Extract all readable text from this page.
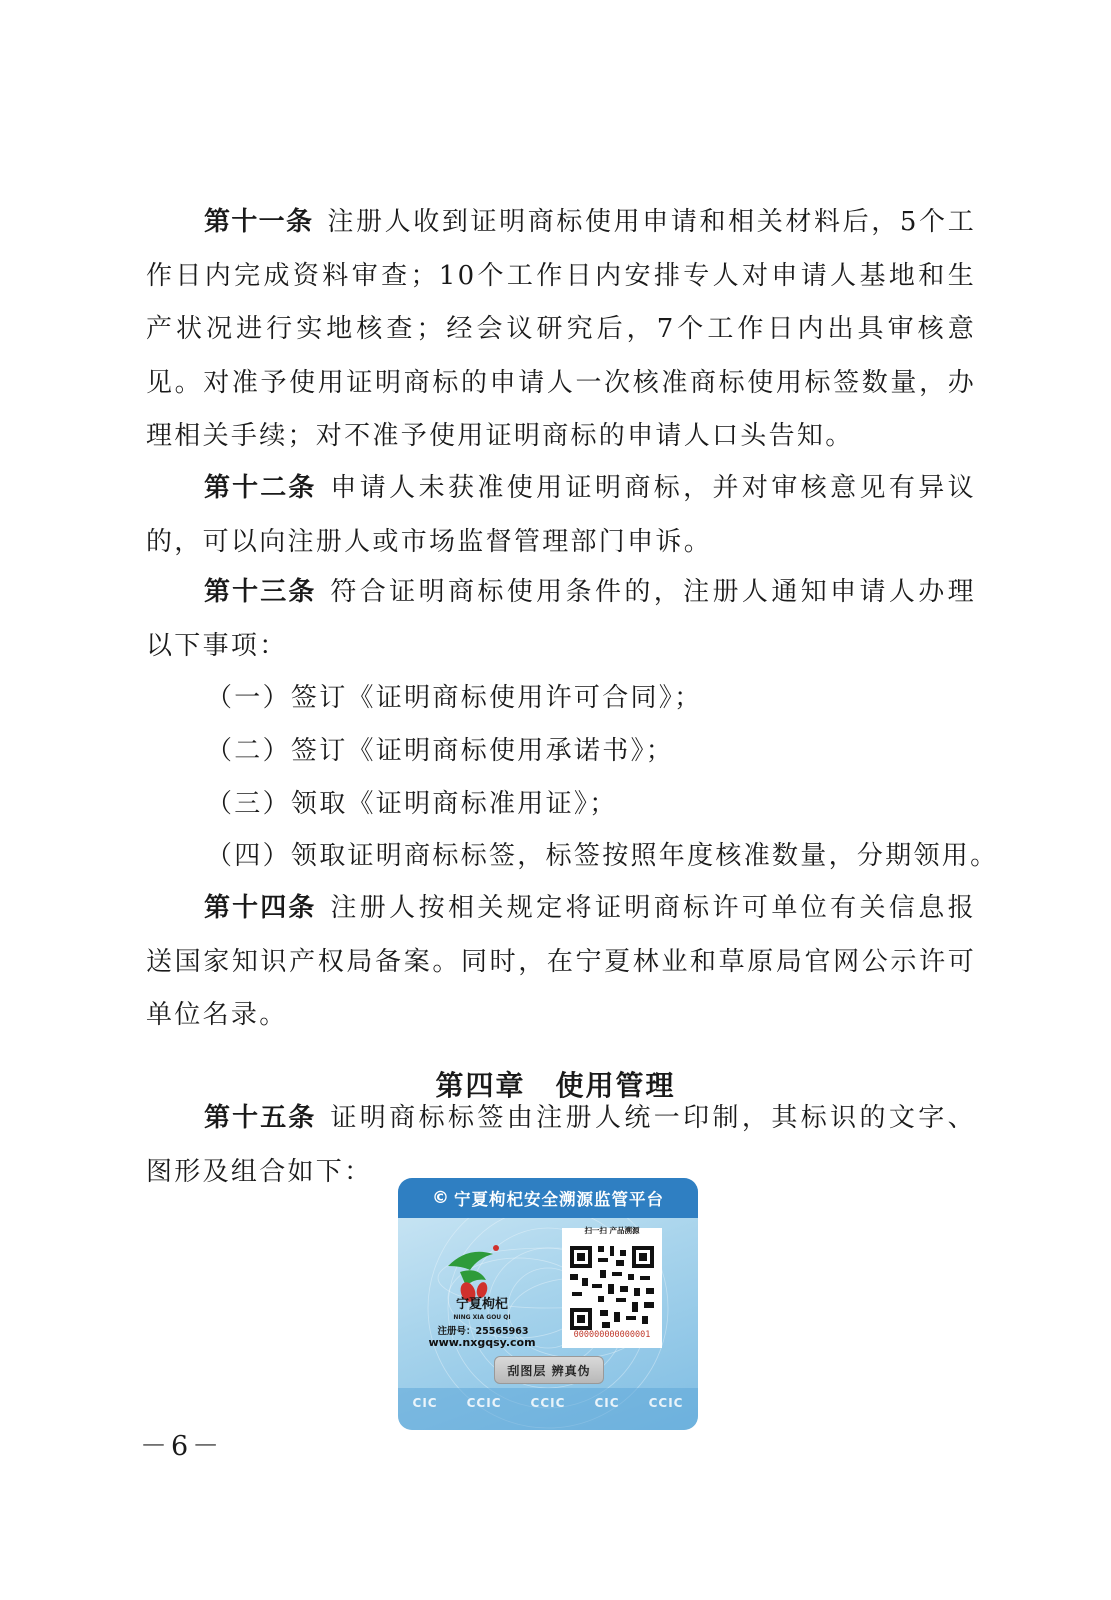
第十一条 注册人收到证明商标使用申请和相关材料后，5个工作日内完成资料审查；10个工作日内安排专人对申请人基地和生产状况进行实地核查；经会议研究后，7个工作日内出具审核意见。对准予使用证明商标的申请人一次核准商标使用标签数量，办理相关手续；对不准予使用证明商标的申请人口头告知。

第十二条 申请人未获准使用证明商标，并对审核意见有异议的，可以向注册人或市场监督管理部门申诉。

第十三条 符合证明商标使用条件的，注册人通知申请人办理以下事项：

（一）签订《证明商标使用许可合同》；

（二）签订《证明商标使用承诺书》；

（三）领取《证明商标准用证》；

（四）领取证明商标标签，标签按照年度核准数量，分期领用。

第十四条 注册人按相关规定将证明商标许可单位有关信息报送国家知识产权局备案。同时，在宁夏林业和草原局官网公示许可单位名录。

第四章　使用管理

第十五条 证明商标标签由注册人统一印制，其标识的文字、图形及组合如下：

© 宁夏枸杞安全溯源监管平台
宁夏枸杞
NING XIA GOU QI
注册号：25565963
www.nxgqsy.com
扫一扫 产品溯源
000000000000001
刮图层 辨真伪
CIC CCIC CCIC CIC CCIC
－6－
